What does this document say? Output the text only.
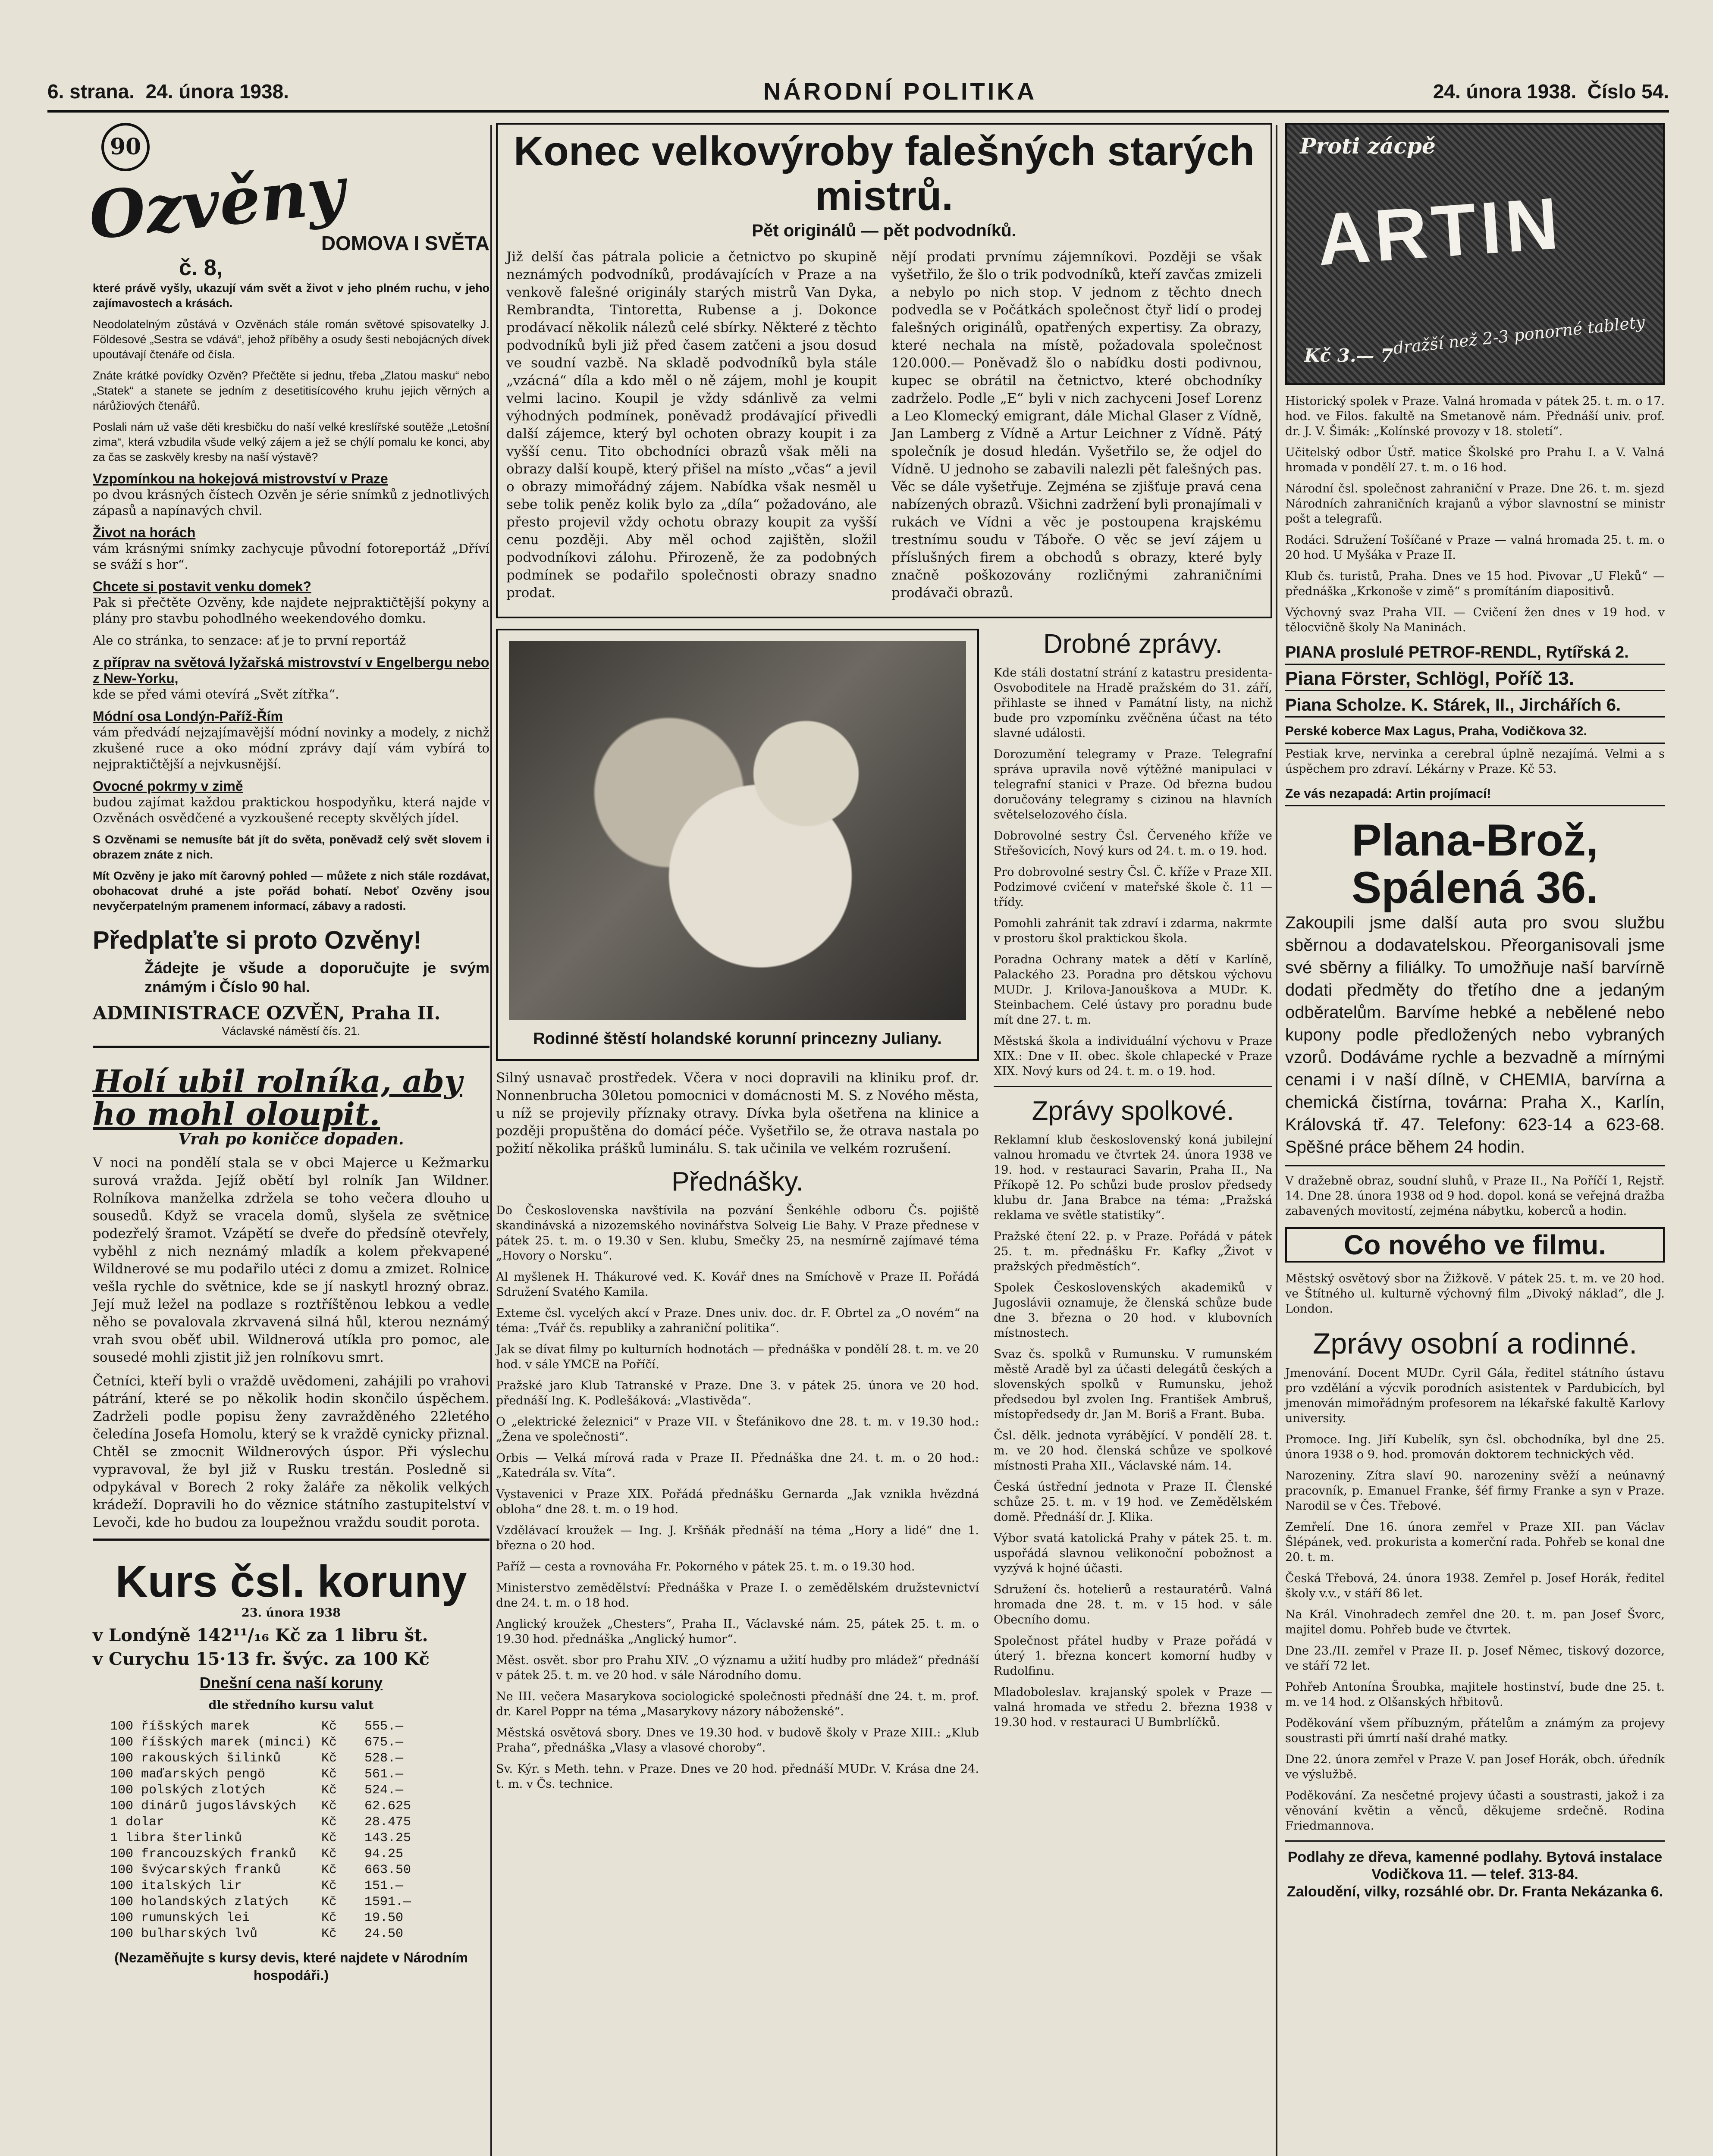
6. strana. 24. února 1938.	NÁRODNÍ POLITIKA	24. února 1938. Číslo 54.
90
Ozvěny
DOMOVA I SVĚTA
č. 8,

které právě vyšly, ukazují vám svět a život v jeho plném ruchu, v jeho zajímavostech a krásách.

Neodolatelným zůstává v Ozvěnách stále román světové spisovatelky J. Földesové „Sestra se vdává“, jehož příběhy a osudy šesti nebojácných dívek upoutávají čtenáře od čísla.

Znáte krátké povídky Ozvěn? Přečtěte si jednu, třeba „Zlatou masku“ nebo „Statek“ a stanete se jedním z desetitisícového kruhu jejich věrných a nárůžiových čtenářů.

Poslali nám už vaše děti kresbičku do naší velké kreslířské soutěže „Letošní zima“, která vzbudila všude velký zájem a jež se chýlí pomalu ke konci, aby za čas se zaskvěly kresby na naší výstavě?

Vzpomínkou na hokejová mistrovství v Praze

po dvou krásných čístech Ozvěn je série snímků z jednotlivých zápasů a napínavých chvil.

Život na horách

vám krásnými snímky zachycuje původní fotoreportáž „Dříví se sváží s hor“.

Chcete si postavit venku domek?

Pak si přečtěte Ozvěny, kde najdete nejpraktičtější pokyny a plány pro stavbu pohodlného weekendového domku.

Ale co stránka, to senzace: ať je to první reportáž

z příprav na světová lyžařská mistrovství v Engelbergu nebo z New-Yorku,

kde se před vámi otevírá „Svět zítřka“.

Módní osa Londýn-Paříž-Řím

vám předvádí nejzajímavější módní novinky a modely, z nichž zkušené ruce a oko módní zprávy dají vám vybírá to nejpraktičtější a nejvkusnější.

Ovocné pokrmy v zimě

budou zajímat každou praktickou hospodyňku, která najde v Ozvěnách osvědčené a vyzkoušené recepty skvělých jídel.

S Ozvěnami se nemusíte bát jít do světa, poněvadž celý svět slovem i obrazem znáte z nich.

Mít Ozvěny je jako mít čarovný pohled — můžete z nich stále rozdávat, obohacovat druhé a jste pořád bohatí. Neboť Ozvěny jsou nevyčerpatelným pramenem informací, zábavy a radosti.

Předplaťte si proto Ozvěny!

Žádejte je všude a doporučujte je svým známým i Číslo 90 hal.

ADMINISTRACE OZVĚN, Praha II.

Václavské náměstí čís. 21.

Holí ubil rolníka, aby ho mohl oloupit.

Vrah po koničce dopaden.

V noci na pondělí stala se v obci Majerce u Kežmarku surová vražda. Jejíž obětí byl rolník Jan Wildner. Rolníkova manželka zdržela se toho večera dlouho u sousedů. Když se vracela domů, slyšela ze světnice podezřelý šramot. Vzápětí se dveře do předsíně otevřely, vyběhl z nich neznámý mladík a kolem překvapené Wildnerové se mu podařilo utéci z domu a zmizet. Rolnice vešla rychle do světnice, kde se jí naskytl hrozný obraz. Její muž ležel na podlaze s roztříštěnou lebkou a vedle něho se povalovala zkrvavená silná hůl, kterou neznámý vrah svou oběť ubil. Wildnerová utíkla pro pomoc, ale sousedé mohli zjistit již jen rolníkovu smrt.

Četníci, kteří byli o vraždě uvědomeni, zahájili po vrahovi pátrání, které se po několik hodin skončilo úspěchem. Zadrželi podle popisu ženy zavražděného 22letého čeledína Josefa Homolu, který se k vraždě cynicky přiznal. Chtěl se zmocnit Wildnerových úspor. Při výslechu vypravoval, že byl již v Rusku trestán. Posledně si odpykával v Borech 2 roky žaláře za několik velkých krádeží. Dopravili ho do věznice státního zastupitelství v Levoči, kde ho budou za loupežnou vraždu soudit porota.

Kurs čsl. koruny

23. února 1938

v Londýně 142¹¹/₁₆ Kč za 1 libru št.

v Curychu 15·13 fr. švýc. za 100 Kč

Dnešní cena naší koruny

dle středního kursu valut

100 říšských marek	Kč	555.—
100 říšských marek (minci) Kč	675.—
100 rakouských šilinků	Kč	528.—
100 maďarských pengö	Kč	561.—
100 polských zlotých	Kč	524.—
100 dinárů jugoslávských	Kč	62.625
1 dolar	Kč	28.475
1 libra šterlinků	Kč	143.25
100 francouzských franků	Kč	94.25
100 švýcarských franků	Kč	663.50
100 italských lir	Kč	151.—
100 holandských zlatých	Kč	1591.—
100 rumunských lei	Kč	19.50
100 bulharských lvů	Kč	24.50

(Nezaměňujte s kursy devis, které najdete v Národním hospodáři.)

Konec velkovýroby falešných starých mistrů.
Pět originálů — pět podvodníků.

Již delší čas pátrala policie a četnictvo po skupině neznámých podvodníků, prodávajících v Praze a na venkově falešné originály starých mistrů Van Dyka, Rembrandta, Tintoretta, Rubense a j. Dokonce prodávací několik nálezů celé sbírky. Některé z těchto podvodníků byli již před časem zatčeni a jsou dosud ve soudní vazbě. Na skladě podvodníků byla stále „vzácná“ díla a kdo měl o ně zájem, mohl je koupit velmi lacino. Koupil je vždy sdánlivě za velmi výhodných podmínek, poněvadž prodávající přivedli další zájemce, který byl ochoten obrazy koupit i za vyšší cenu. Tito obchodníci obrazů však měli na obrazy další koupě, který přišel na místo „včas“ a jevil o obrazy mimořádný zájem. Nabídka však nesměl u sebe tolik peněz kolik bylo za „díla“ požadováno, ale přesto projevil vždy ochotu obrazy koupit za vyšší cenu později. Aby měl ochod zajištěn, složil podvodníkovi zálohu. Přirozeně, že za podobných podmínek se podařilo společnosti obrazy snadno prodat.

nějí prodati prvnímu zájemníkovi. Později se však vyšetřilo, že šlo o trik podvodníků, kteří zavčas zmizeli a nebylo po nich stop. V jednom z těchto dnech podvedla se v Počátkách společnost čtyř lidí o prodej falešných originálů, opatřených expertisy. Za obrazy, které nechala na místě, požadovala společnost 120.000.— Poněvadž šlo o nabídku dosti podivnou, kupec se obrátil na četnictvo, které obchodníky zadrželo. Podle „E“ byli v nich zachyceni Josef Lorenz a Leo Klomecký emigrant, dále Michal Glaser z Vídně, Jan Lamberg z Vídně a Artur Leichner z Vídně. Pátý společník je dosud hledán. Vyšetřilo se, že odjel do Vídně. U jednoho se zabavili nalezli pět falešných pas. Věc se dále vyšetřuje. Zejména se zjišťuje pravá cena nabízených obrazů. Všichni zadržení byli pronajímali v rukách ve Vídni a věc je postoupena krajskému trestnímu soudu v Táboře. O věc se jeví zájem u příslušných firem a obchodů s obrazy, které byly značně poškozovány rozličnými zahraničními prodávači obrazů.

Rodinné štěstí holandské korunní princezny Juliany.

Silný usnavač prostředek. Včera v noci dopravili na kliniku prof. dr. Nonnenbrucha 30letou pomocnici v domácnosti M. S. z Nového města, u níž se projevily příznaky otravy. Dívka byla ošetřena na klinice a později propuštěna do domácí péče. Vyšetřilo se, že otrava nastala po požití několika prášků luminálu. S. tak učinila ve velkém rozrušení.

Přednášky.

Do Československa navštívila na pozvání Šenkéhle odboru Čs. pojiště skandinávská a nizozemského novinářstva Solveig Lie Bahy. V Praze přednese v pátek 25. t. m. o 19.30 v Sen. klubu, Smečky 25, na nesmírně zajímavé téma „Hovory o Norsku“.

Al myšlenek H. Thákurové ved. K. Kovář dnes na Smíchově v Praze II. Pořádá Sdružení Svatého Kamila.

Exteme čsl. vycelých akcí v Praze. Dnes univ. doc. dr. F. Obrtel za „O novém“ na téma: „Tvář čs. republiky a zahraniční politika“.

Jak se dívat filmy po kulturních hodnotách — přednáška v pondělí 28. t. m. ve 20 hod. v sále YMCE na Poříčí.

Pražské jaro Klub Tatranské v Praze. Dne 3. v pátek 25. února ve 20 hod. přednáší Ing. K. Podlešáková: „Vlastivěda“.

O „elektrické železnici“ v Praze VII. v Štefánikovo dne 28. t. m. v 19.30 hod.: „Žena ve společnosti“.

Orbis — Velká mírová rada v Praze II. Přednáška dne 24. t. m. o 20 hod.: „Katedrála sv. Víta“.

Vystavenici v Praze XIX. Pořádá přednášku Gernarda „Jak vznikla hvězdná obloha“ dne 28. t. m. o 19 hod.

Vzdělávací kroužek — Ing. J. Kršňák přednáší na téma „Hory a lidé“ dne 1. března o 20 hod.

Paříž — cesta a rovnováha Fr. Pokorného v pátek 25. t. m. o 19.30 hod.

Ministerstvo zemědělství: Přednáška v Praze I. o zemědělském družstevnictví dne 24. t. m. o 18 hod.

Anglický kroužek „Chesters“, Praha II., Václavské nám. 25, pátek 25. t. m. o 19.30 hod. přednáška „Anglický humor“.

Měst. osvět. sbor pro Prahu XIV. „O významu a užití hudby pro mládež“ přednáší v pátek 25. t. m. ve 20 hod. v sále Národního domu.

Ne III. večera Masarykova sociologické společnosti přednáší dne 24. t. m. prof. dr. Karel Poppr na téma „Masarykovy názory náboženské“.

Městská osvětová sbory. Dnes ve 19.30 hod. v budově školy v Praze XIII.: „Klub Praha“, přednáška „Vlasy a vlasové choroby“.

Sv. Kýr. s Meth. tehn. v Praze. Dnes ve 20 hod. přednáší MUDr. V. Krása dne 24. t. m. v Čs. technice.

Drobné zprávy.

Kde stáli dostatní strání z katastru presidenta-Osvoboditele na Hradě pražském do 31. září, přihlaste se ihned v Památní listy, na nichž bude pro vzpomínku zvěčněna účast na této slavné události.

Dorozumění telegramy v Praze. Telegrafní správa upravila nově výtěžné manipulaci v telegrafní stanici v Praze. Od března budou doručovány telegramy s cizinou na hlavních světelselozového čísla.

Dobrovolné sestry Čsl. Červeného kříže ve Střešovicích, Nový kurs od 24. t. m. o 19. hod.

Pro dobrovolné sestry Čsl. Č. kříže v Praze XII. Podzimové cvičení v mateřské škole č. 11 — třídy.

Pomohli zahránit tak zdraví i zdarma, nakrmte v prostoru škol praktickou škola.

Poradna Ochrany matek a dětí v Karlíně, Palackého 23. Poradna pro dětskou výchovu MUDr. J. Krilova-Janouškova a MUDr. K. Steinbachem. Celé ústavy pro poradnu bude mít dne 27. t. m.

Městská škola a individuální výchovu v Praze XIX.: Dne v II. obec. škole chlapecké v Praze XIX. Nový kurs od 24. t. m. o 19. hod.

Zprávy spolkové.

Reklamní klub československý koná jubilejní valnou hromadu ve čtvrtek 24. února 1938 ve 19. hod. v restauraci Savarin, Praha II., Na Příkopě 12. Po schůzi bude proslov předsedy klubu dr. Jana Brabce na téma: „Pražská reklama ve světle statistiky“.

Pražské čtení 22. p. v Praze. Pořádá v pátek 25. t. m. přednášku Fr. Kafky „Život v pražských předměstích“.

Spolek Československých akademiků v Jugoslávii oznamuje, že členská schůze bude dne 3. března o 20 hod. v klubovních místnostech.

Svaz čs. spolků v Rumunsku. V rumunském městě Aradě byl za účasti delegátů českých a slovenských spolků v Rumunsku, jehož předsedou byl zvolen Ing. František Ambruš, místopředsedy dr. Jan M. Boriš a Frant. Buba.

Čsl. dělk. jednota vyrábějící. V pondělí 28. t. m. ve 20 hod. členská schůze ve spolkové místnosti Praha XII., Václavské nám. 14.

Česká ústřední jednota v Praze II. Členské schůze 25. t. m. v 19 hod. ve Zemědělském domě. Přednáší dr. J. Klika.

Výbor svatá katolická Prahy v pátek 25. t. m. uspořádá slavnou velikonoční pobožnost a vyzývá k hojné účasti.

Sdružení čs. hotelierů a restauratérů. Valná hromada dne 28. t. m. v 15 hod. v sále Obecního domu.

Společnost přátel hudby v Praze pořádá v úterý 1. března koncert komorní hudby v Rudolfinu.

Mladoboleslav. krajanský spolek v Praze — valná hromada ve středu 2. března 1938 v 19.30 hod. v restauraci U Bumbrlíčků.

Proti zácpě
ARTIN
dražší než 2-3 ponorné tablety
Kč 3.— 7

Historický spolek v Praze. Valná hromada v pátek 25. t. m. o 17. hod. ve Filos. fakultě na Smetanově nám. Přednáší univ. prof. dr. J. V. Šimák: „Kolínské provozy v 18. století“.

Učitelský odbor Ústř. matice Školské pro Prahu I. a V. Valná hromada v pondělí 27. t. m. o 16 hod.

Národní čsl. společnost zahraniční v Praze. Dne 26. t. m. sjezd Národních zahraničních krajanů a výbor slavnostní se ministr pošt a telegrafů.

Rodáci. Sdružení Tošíčané v Praze — valná hromada 25. t. m. o 20 hod. U Myšáka v Praze II.

Klub čs. turistů, Praha. Dnes ve 15 hod. Pivovar „U Fleků“ — přednáška „Krkonoše v zimě“ s promítáním diapositivů.

Výchovný svaz Praha VII. — Cvičení žen dnes v 19 hod. v tělocvičně školy Na Maninách.

PIANA proslulé PETROF-RENDL, Rytířská 2.
Piana Förster, Schlögl, Poříč 13.
Piana Scholze. K. Stárek, II., Jirchářích 6.
Perské koberce Max Lagus, Praha, Vodičkova 32.

Pestiak krve, nervinka a cerebral úplně nezajímá. Velmi a s úspěchem pro zdraví. Lékárny v Praze. Kč 53.

Ze vás nezapadá: Artin projímací!
Plana-Brož, Spálená 36.
Zakoupili jsme další auta pro svou službu sběrnou a dodavatelskou. Přeorganisovali jsme své sběrny a filiálky. To umožňuje naší barvírně dodati předměty do třetího dne a jedaným odběratelům. Barvíme hebké a nebělené nebo kupony podle předložených nebo vybraných vzorů. Dodáváme rychle a bezvadně a mírnými cenami i v naší dílně, v CHEMIA, barvírna a chemická čistírna, továrna: Praha X., Karlín, Královská tř. 47. Telefony: 623-14 a 623-68. Spěšné práce během 24 hodin.

V dražebně obraz, soudní sluhů, v Praze II., Na Poříčí 1, Rejstř. 14. Dne 28. února 1938 od 9 hod. dopol. koná se veřejná dražba zabavených movitostí, zejména nábytku, koberců a hodin.

Co nového ve filmu.

Městský osvětový sbor na Žižkově. V pátek 25. t. m. ve 20 hod. ve Štítného ul. kulturně výchovný film „Divoký náklad“, dle J. London.

Zprávy osobní a rodinné.

Jmenování. Docent MUDr. Cyril Gála, ředitel státního ústavu pro vzdělání a výcvik porodních asistentek v Pardubicích, byl jmenován mimořádným profesorem na lékařské fakultě Karlovy university.

Promoce. Ing. Jiří Kubelík, syn čsl. obchodníka, byl dne 25. února 1938 o 9. hod. promován doktorem technických věd.

Narozeniny. Zítra slaví 90. narozeniny svěží a neúnavný pracovník, p. Emanuel Franke, šéf firmy Franke a syn v Praze. Narodil se v Čes. Třebové.

Zemřelí. Dne 16. února zemřel v Praze XII. pan Václav Šlépánek, ved. prokurista a komerční rada. Pohřeb se konal dne 20. t. m.

Česká Třebová, 24. února 1938. Zemřel p. Josef Horák, ředitel školy v.v., v stáří 86 let.

Na Král. Vinohradech zemřel dne 20. t. m. pan Josef Švorc, majitel domu. Pohřeb bude ve čtvrtek.

Dne 23./II. zemřel v Praze II. p. Josef Němec, tiskový dozorce, ve stáří 72 let.

Pohřeb Antonína Šroubka, majitele hostinství, bude dne 25. t. m. ve 14 hod. z Olšanských hřbitovů.

Poděkování všem příbuzným, přátelům a známým za projevy soustrasti při úmrtí naší drahé matky.

Dne 22. února zemřel v Praze V. pan Josef Horák, obch. úředník ve výslužbě.

Poděkování. Za nesčetné projevy účasti a soustrasti, jakož i za věnování květin a věnců, děkujeme srdečně. Rodina Friedmannova.

Podlahy ze dřeva, kamenné podlahy. Bytová instalace Vodičkova 11. — telef. 313-84.
Zaloudění, vilky, rozsáhlé obr. Dr. Franta Nekázanka 6.
